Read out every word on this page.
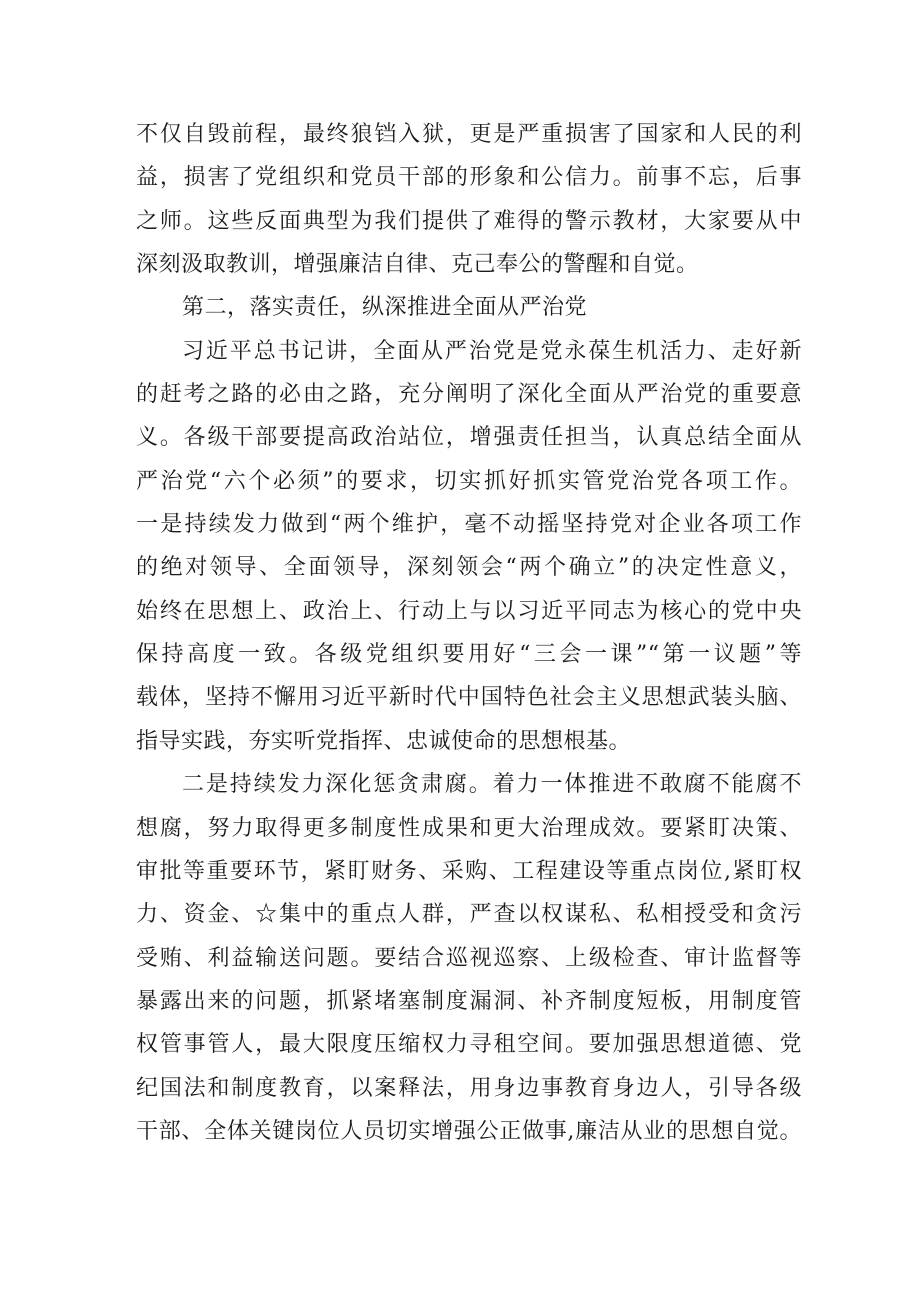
不仅自毁前程，最终狼铛入狱，更是严重损害了国家和人民的利
益，损害了党组织和党员干部的形象和公信力。前事不忘，后事
之师。这些反面典型为我们提供了难得的警示教材，大家要从中
深刻汲取教训，增强廉洁自律、克己奉公的警醒和自觉。
第二，落实责任，纵深推进全面从严治党
习近平总书记讲，全面从严治党是党永葆生机活力、走好新
的赶考之路的必由之路，充分阐明了深化全面从严治党的重要意
义。各级干部要提高政治站位，增强责任担当，认真总结全面从
严治党“六个必须”的要求，切实抓好抓实管党治党各项工作。
一是持续发力做到“两个维护，毫不动摇坚持党对企业各项工作
的绝对领导、全面领导，深刻领会“两个确立”的决定性意义，
始终在思想上、政治上、行动上与以习近平同志为核心的党中央
保持高度一致。各级党组织要用好“三会一课”“第一议题”等
载体，坚持不懈用习近平新时代中国特色社会主义思想武装头脑、
指导实践，夯实听党指挥、忠诚使命的思想根基。
二是持续发力深化惩贪肃腐。着力一体推进不敢腐不能腐不
想腐，努力取得更多制度性成果和更大治理成效。要紧盯决策、
审批等重要环节，紧盯财务、采购、工程建设等重点岗位,紧盯权
力、资金、☆集中的重点人群，严查以权谋私、私相授受和贪污
受贿、利益输送问题。要结合巡视巡察、上级检查、审计监督等
暴露出来的问题，抓紧堵塞制度漏洞、补齐制度短板，用制度管
权管事管人，最大限度压缩权力寻租空间。要加强思想道德、党
纪国法和制度教育，以案释法，用身边事教育身边人，引导各级
干部、全体关键岗位人员切实增强公正做事,廉洁从业的思想自觉。
